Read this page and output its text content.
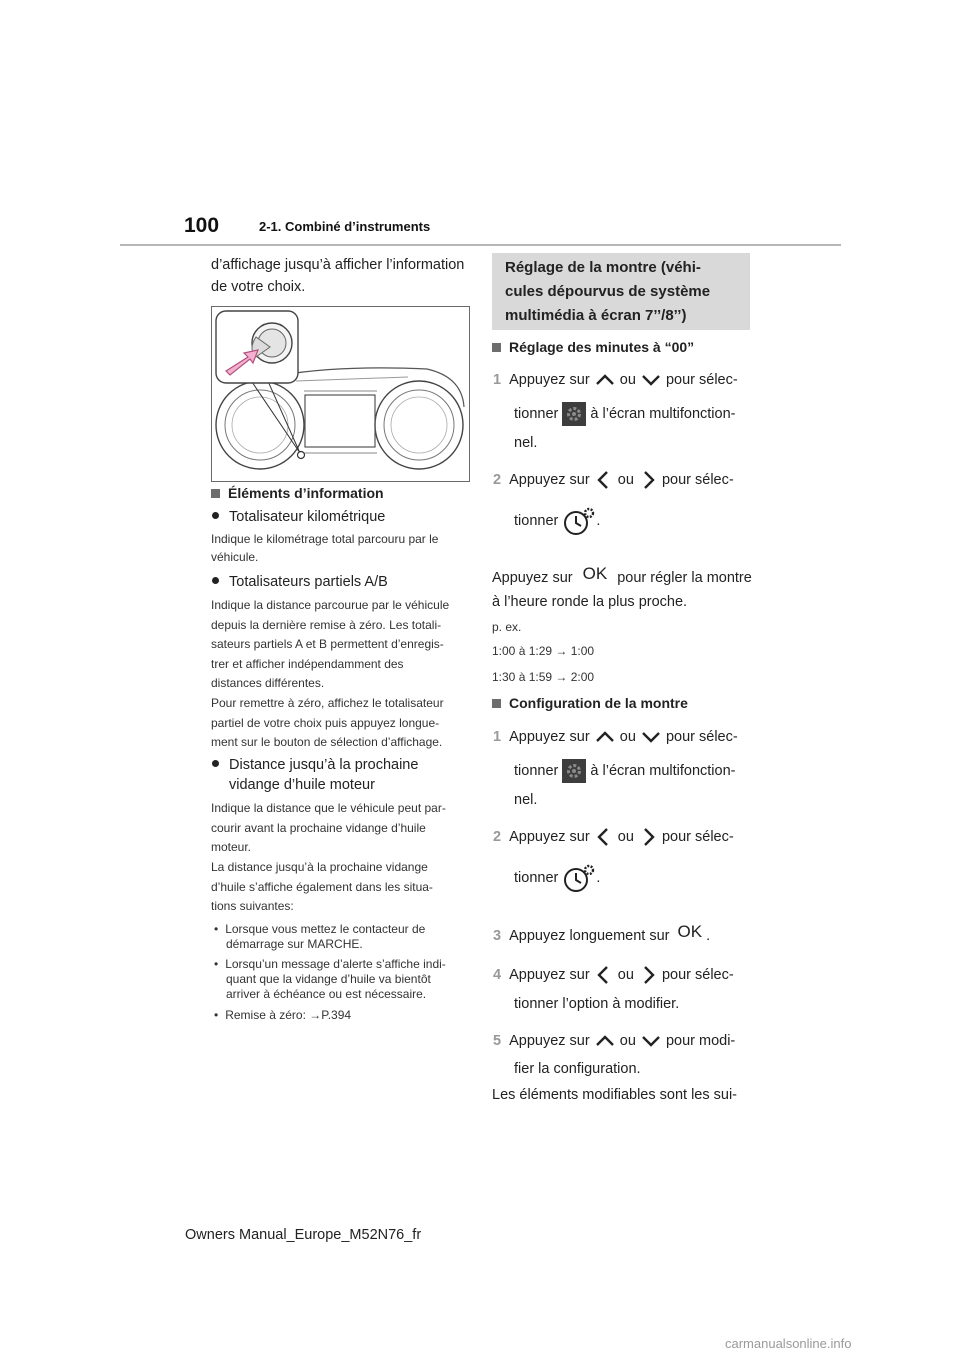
100	2-1. Combiné d’instruments
d’affichage jusqu’à afficher l’information
de votre choix.
Éléments d’information
Totalisateur kilométrique
Indique le kilométrage total parcouru par le
véhicule.
Totalisateurs partiels A/B
Indique la distance parcourue par le véhicule
depuis la dernière remise à zéro. Les totali-
sateurs partiels A et B permettent d’enregis-
trer et afficher indépendamment des
distances différentes.
Pour remettre à zéro, affichez le totalisateur
partiel de votre choix puis appuyez longue-
ment sur le bouton de sélection d’affichage.
Distance jusqu’à la prochaine
vidange d’huile moteur
Indique la distance que le véhicule peut par-
courir avant la prochaine vidange d’huile
moteur.
La distance jusqu’à la prochaine vidange
d’huile s’affiche également dans les situa-
tions suivantes:
• Lorsque vous mettez le contacteur de
démarrage sur MARCHE.
• Lorsqu’un message d’alerte s’affiche indi-
quant que la vidange d’huile va bientôt
arriver à échéance ou est nécessaire.
• Remise à zéro: →P.394
Réglage de la montre (véhi-
cules dépourvus de système
multimédia à écran 7’’/8’’)
Réglage des minutes à “00”
1 Appuyez sur ou pour sélec-
tionner à l’écran multifonction-
nel.
2 Appuyez sur ou pour sélec-
tionner	.
Appuyez sur OK pour régler la montre
à l’heure ronde la plus proche.
p. ex.
1:00 à 1:29 → 1:00
1:30 à 1:59 → 2:00
Configuration de la montre
1 Appuyez sur ou pour sélec-
tionner à l’écran multifonction-
nel.
2 Appuyez sur ou pour sélec-
tionner	.
3 Appuyez longuement sur OK .
4 Appuyez sur ou pour sélec-
tionner l’option à modifier.
5 Appuyez sur ou pour modi-
fier la configuration.
Les éléments modifiables sont les sui-
Owners Manual_Europe_M52N76_fr
carmanualsonline.info
